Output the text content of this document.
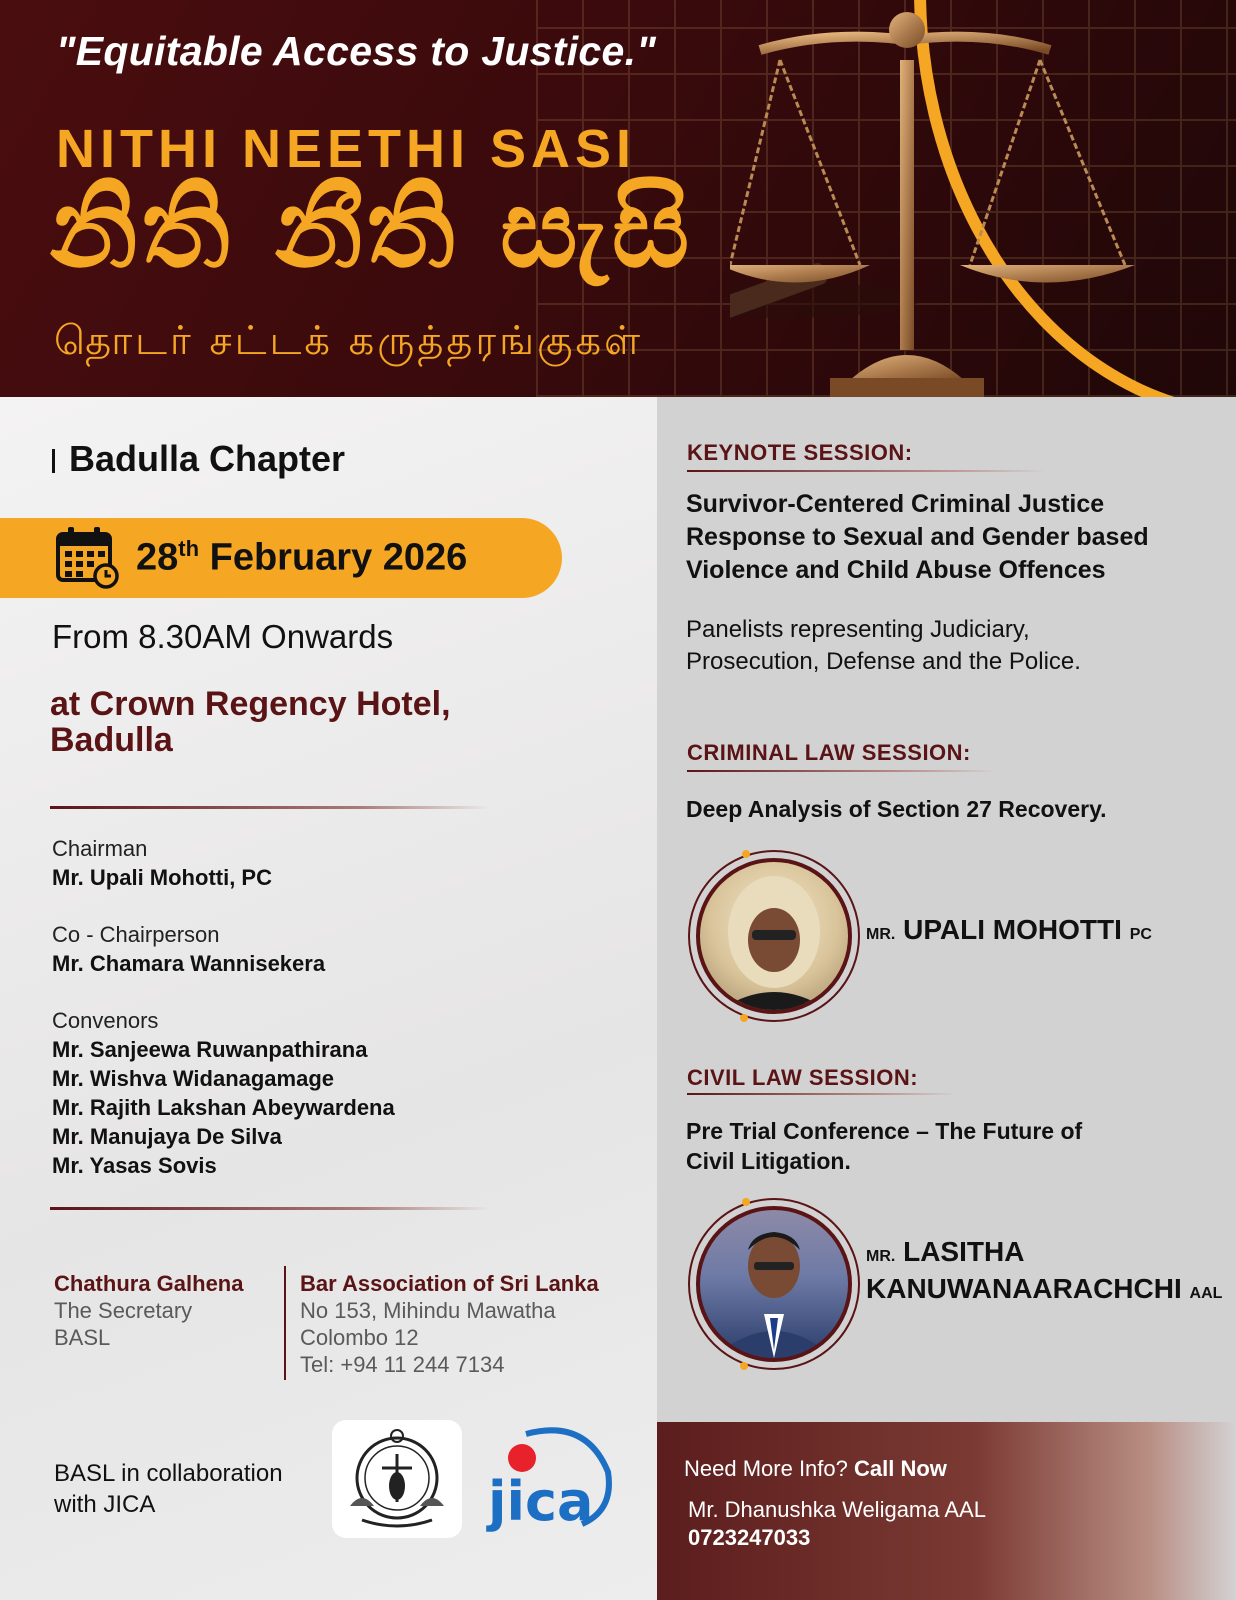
"Equitable Access to Justice."
NITHI NEETHI SASI
නිති නීති සැසි
தொடர் சட்டக் கருத்தரங்குகள்
Badulla Chapter
28th February 2026
From 8.30AM Onwards
at Crown Regency Hotel,
Badulla
Chairman
Mr. Upali Mohotti, PC
Co - Chairperson
Mr. Chamara Wannisekera
Convenors
Mr. Sanjeewa Ruwanpathirana
Mr. Wishva Widanagamage
Mr. Rajith Lakshan Abeywardena
Mr. Manujaya De Silva
Mr. Yasas Sovis
Chathura Galhena
The Secretary
BASL
Bar Association of Sri Lanka
No 153, Mihindu Mawatha
Colombo 12
Tel: +94 11 244 7134
BASL in collaboration
with JICA	jica
KEYNOTE SESSION:
Survivor-Centered Criminal Justice
Response to Sexual and Gender based
Violence and Child Abuse Offences
Panelists representing Judiciary,
Prosecution, Defense and the Police.
CRIMINAL LAW SESSION:
Deep Analysis of Section 27 Recovery.
MR. UPALI MOHOTTI PC
CIVIL LAW SESSION:
Pre Trial Conference – The Future of
Civil Litigation.
MR. LASITHA
KANUWANAARACHCHI AAL
Need More Info? Call Now
Mr. Dhanushka Weligama AAL
0723247033
